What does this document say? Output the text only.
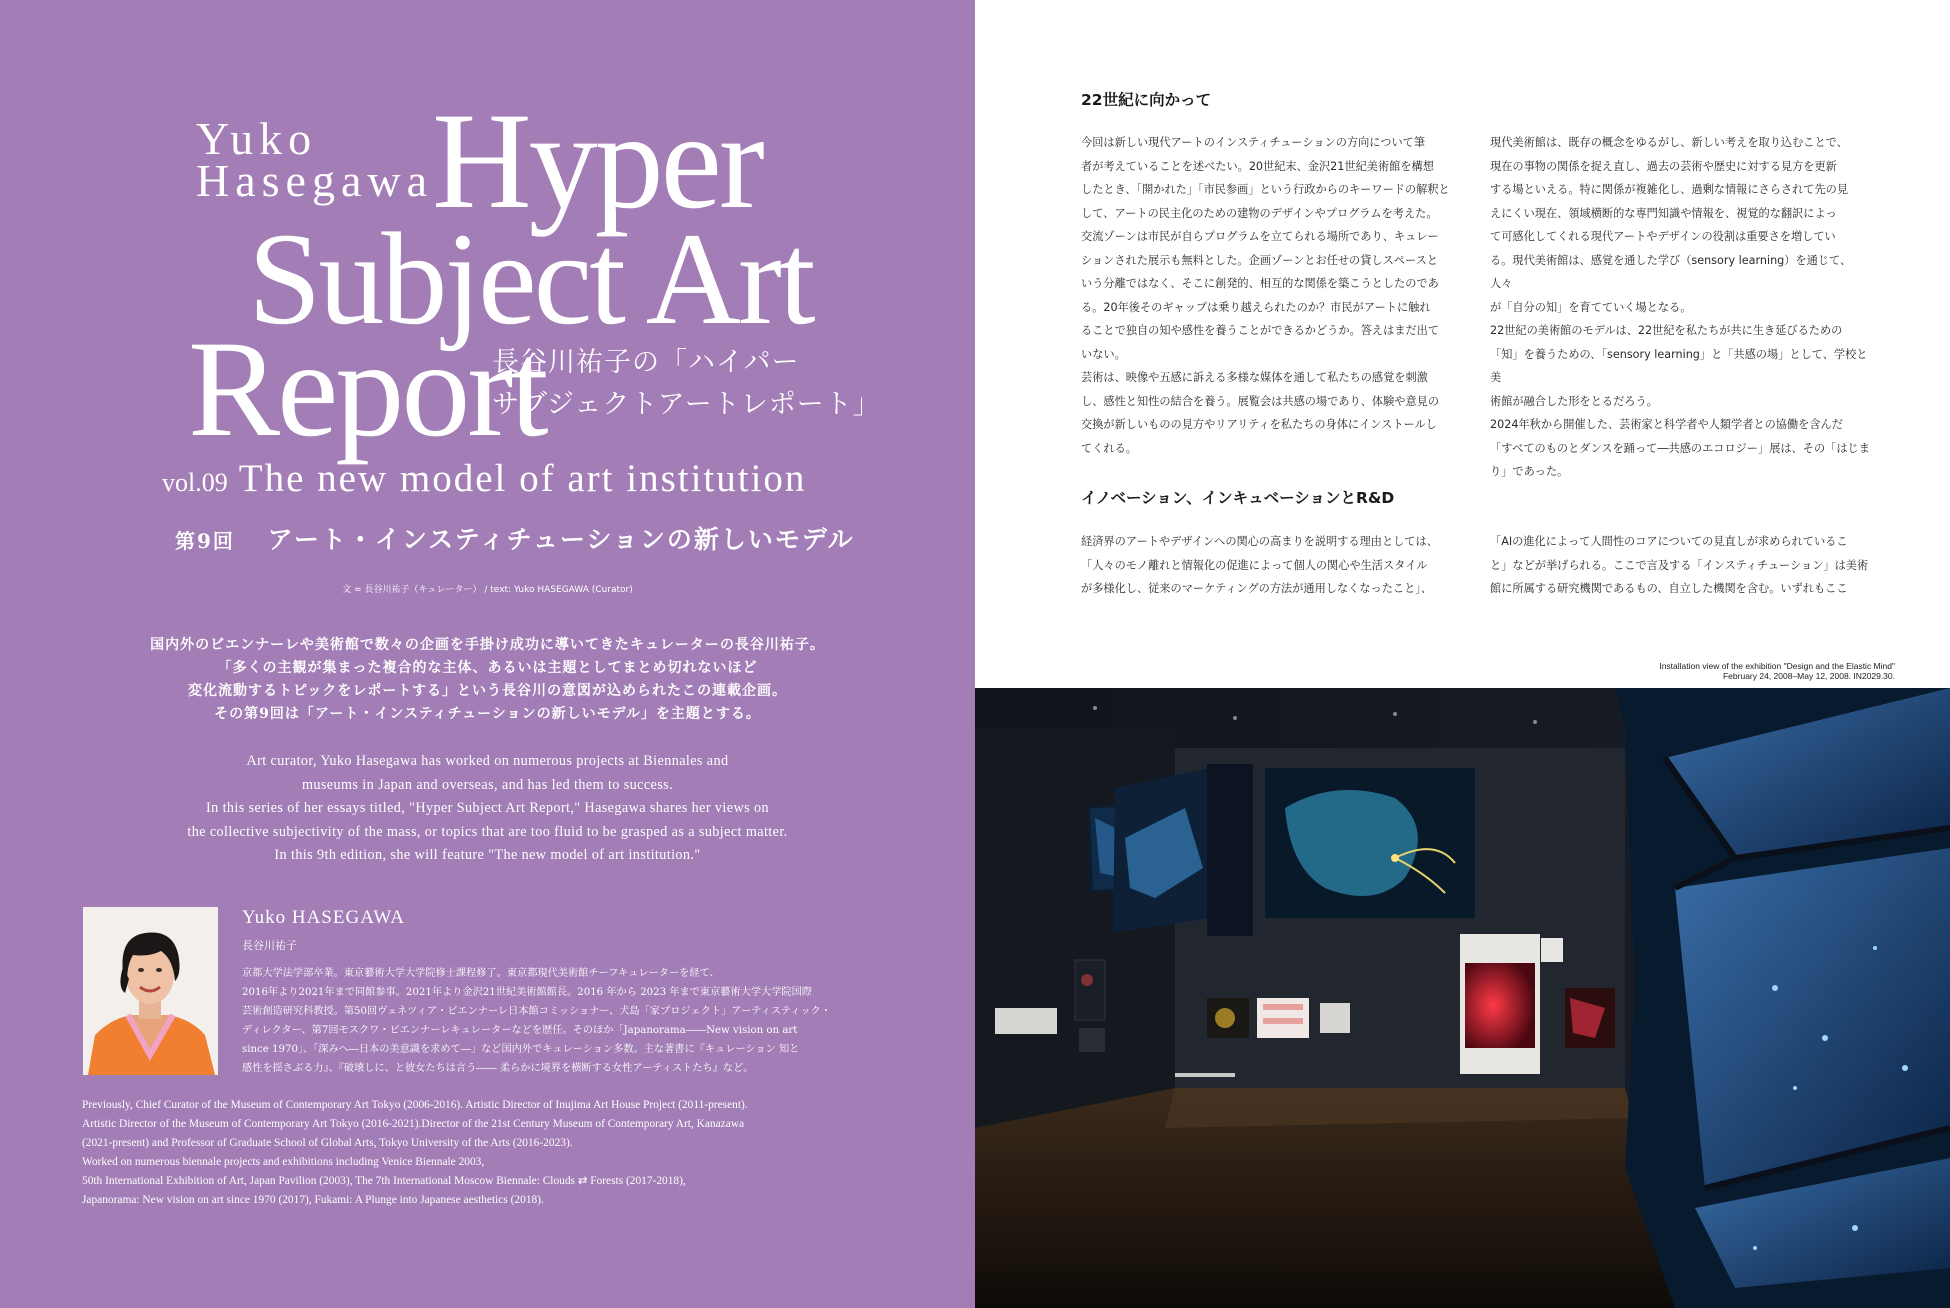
Yuko
Hasegawa
Hyper
Subject Art
Report
長谷川祐子の「ハイパー
サブジェクトアートレポート」
vol.09 The new model of art institution
第9回 アート・インスティチューションの新しいモデル
文 = 長谷川祐子（キュレーター） / text: Yuko HASEGAWA (Curator)
国内外のビエンナーレや美術館で数々の企画を手掛け成功に導いてきたキュレーターの長谷川祐子。
「多くの主観が集まった複合的な主体、あるいは主題としてまとめ切れないほど
変化流動するトピックをレポートする」という長谷川の意図が込められたこの連載企画。
その第9回は「アート・インスティチューションの新しいモデル」を主題とする。
Art curator, Yuko Hasegawa has worked on numerous projects at Biennales and
museums in Japan and overseas, and has led them to success.
In this series of her essays titled, "Hyper Subject Art Report," Hasegawa shares her views on
the collective subjectivity of the mass, or topics that are too fluid to be grasped as a subject matter.
In this 9th edition, she will feature "The new model of art institution."
Yuko HASEGAWA
長谷川祐子
京都大学法学部卒業。東京藝術大学大学院修士課程修了。東京都現代美術館チーフキュレーターを経て、
2016年より2021年まで同館参事。2021年より金沢21世紀美術館館長。2016 年から 2023 年まで東京藝術大学大学院国際
芸術創造研究科教授。第50回ヴェネツィア・ビエンナーレ日本館コミッショナー、犬島「家プロジェクト」アーティスティック・
ディレクター、第7回モスクワ・ビエンナーレキュレーターなどを歴任。そのほか「Japanorama――New vision on art
since 1970」、「深みへ―日本の美意識を求めて―」など国内外でキュレーション多数。主な著書に『キュレーション 知と
感性を揺さぶる力』、『破壊しに、と彼女たちは言う―― 柔らかに境界を横断する女性アーティストたち』など。
Previously, Chief Curator of the Museum of Contemporary Art Tokyo (2006-2016). Artistic Director of Inujima Art House Project (2011-present).
Artistic Director of the Museum of Contemporary Art Tokyo (2016-2021).Director of the 21st Century Museum of Contemporary Art, Kanazawa
(2021-present) and Professor of Graduate School of Global Arts, Tokyo University of the Arts (2016-2023).
Worked on numerous biennale projects and exhibitions including Venice Biennale 2003,
50th International Exhibition of Art, Japan Pavilion (2003), The 7th International Moscow Biennale: Clouds ⇄ Forests (2017-2018),
Japanorama: New vision on art since 1970 (2017), Fukami: A Plunge into Japanese aesthetics (2018).
22世紀に向かって

今回は新しい現代アートのインスティチューションの方向について筆

者が考えていることを述べたい。20世紀末、金沢21世紀美術館を構想

したとき、「開かれた」「市民参画」という行政からのキーワードの解釈と

して、アートの民主化のための建物のデザインやプログラムを考えた。

交流ゾーンは市民が自らプログラムを立てられる場所であり、キュレー

ションされた展示も無料とした。企画ゾーンとお任せの貸しスペースと

いう分離ではなく、そこに創発的、相互的な関係を築こうとしたのであ

る。20年後そのギャップは乗り越えられたのか？市民がアートに触れ

ることで独自の知や感性を養うことができるかどうか。答えはまだ出て

いない。

芸術は、映像や五感に訴える多様な媒体を通して私たちの感覚を刺激

し、感性と知性の結合を養う。展覧会は共感の場であり、体験や意見の

交換が新しいものの見方やリアリティを私たちの身体にインストールし

てくれる。

現代美術館は、既存の概念をゆるがし、新しい考えを取り込むことで、

現在の事物の関係を捉え直し、過去の芸術や歴史に対する見方を更新

する場といえる。特に関係が複雑化し、過剰な情報にさらされて先の見

えにくい現在、領域横断的な専門知識や情報を、視覚的な翻訳によっ

て可感化してくれる現代アートやデザインの役割は重要さを増してい

る。現代美術館は、感覚を通した学び（sensory learning）を通じて、人々

が「自分の知」を育てていく場となる。

22世紀の美術館のモデルは、22世紀を私たちが共に生き延びるための

「知」を養うための、「sensory learning」と「共感の場」として、学校と美

術館が融合した形をとるだろう。

2024年秋から開催した、芸術家と科学者や人類学者との協働を含んだ

「すべてのものとダンスを踊って―共感のエコロジー」展は、その「はじま

り」であった。

イノベーション、インキュベーションとR&D

経済界のアートやデザインへの関心の高まりを説明する理由としては、

「人々のモノ離れと情報化の促進によって個人の関心や生活スタイル

が多様化し、従来のマーケティングの方法が通用しなくなったこと」、

「AIの進化によって人間性のコアについての見直しが求められているこ

と」などが挙げられる。ここで言及する「インスティチューション」は美術

館に所属する研究機関であるもの、自立した機関を含む。いずれもここ

Installation view of the exhibition "Design and the Elastic Mind"
February 24, 2008–May 12, 2008. IN2029.30.
